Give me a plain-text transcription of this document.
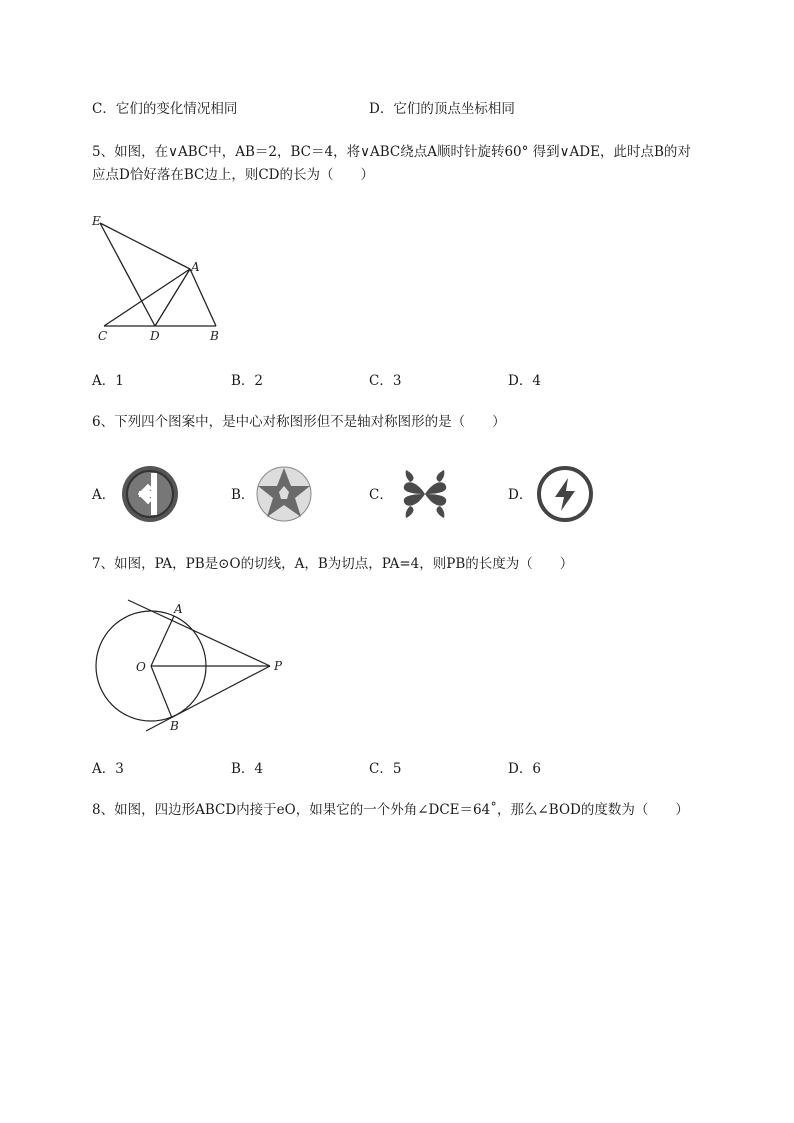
C．它们的变化情况相同	D．它们的顶点坐标相同
5、如图，在∨ABC中，AB＝2，BC＝4，将∨ABC绕点A顺时针旋转60° 得到∨ADE，此时点B的对
应点D恰好落在BC边上，则CD的长为（　　）
E
A
C	D	B
A．1	B．2	C．3	D．4
6、下列四个图案中，是中心对称图形但不是轴对称图形的是（　　）
A．	B．	C．	D．
7、如图，PA，PB是⊙O的切线，A，B为切点，PA=4，则PB的长度为（　　）
A
O	P
B
A．3	B．4	C．5	D．6
8、如图，四边形ABCD内接于eO，如果它的一个外角∠DCE＝64˚，那么∠BOD的度数为（　　）
